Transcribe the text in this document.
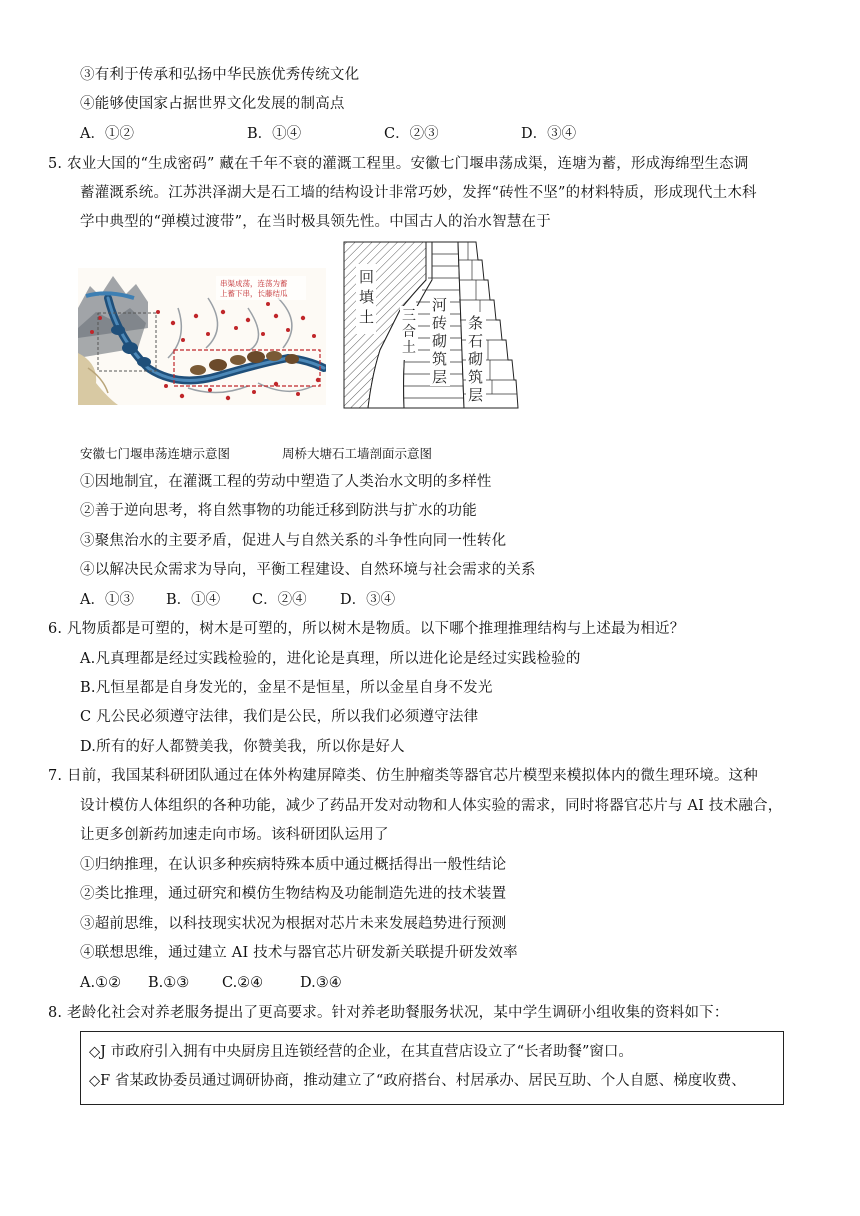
③有利于传承和弘扬中华民族优秀传统文化
④能够使国家占据世界文化发展的制高点
A．①②	B．①④	C．②③	D．③④
5. 农业大国的“生成密码” 藏在千年不衰的灌溉工程里。安徽七门堰串荡成渠，连塘为蓄，形成海绵型生态调
蓄灌溉系统。江苏洪泽湖大是石工墙的结构设计非常巧妙，发挥“砖性不坚”的材料特质，形成现代土木科
学中典型的“弹模过渡带”，在当时极具领先性。中国古人的治水智慧在于
串渠成荡，连荡为蓄
上蓄下串，长藤结瓜
回
填
土 三
合
土
河
砖
砌
筑
层
条
石
砌
筑
层
安徽七门堰串荡连塘示意图	周桥大塘石工墙剖面示意图
①因地制宜，在灌溉工程的劳动中塑造了人类治水文明的多样性
②善于逆向思考，将自然事物的功能迁移到防洪与扩水的功能
③聚焦治水的主要矛盾，促进人与自然关系的斗争性向同一性转化
④以解决民众需求为导向，平衡工程建设、自然环境与社会需求的关系
A．①③ B．①④ C．②④ D．③④
6. 凡物质都是可塑的，树木是可塑的，所以树木是物质。以下哪个推理推理结构与上述最为相近？
A.凡真理都是经过实践检验的，进化论是真理，所以进化论是经过实践检验的
B.凡恒星都是自身发光的，金星不是恒星，所以金星自身不发光
C 凡公民必须遵守法律，我们是公民，所以我们必须遵守法律
D.所有的好人都赞美我，你赞美我，所以你是好人
7. 日前，我国某科研团队通过在体外构建屏障类、仿生肿瘤类等器官芯片模型来模拟体内的微生理环境。这种
设计模仿人体组织的各种功能，减少了药品开发对动物和人体实验的需求，同时将器官芯片与 AI 技术融合，
让更多创新药加速走向市场。该科研团队运用了
①归纳推理，在认识多种疾病特殊本质中通过概括得出一般性结论
②类比推理，通过研究和模仿生物结构及功能制造先进的技术装置
③超前思维，以科技现实状况为根据对芯片未来发展趋势进行预测
④联想思维，通过建立 AI 技术与器官芯片研发新关联提升研发效率
A.①② B.①③ C.②④	D.③④
8. 老龄化社会对养老服务提出了更高要求。针对养老助餐服务状况，某中学生调研小组收集的资料如下：
◇J 市政府引入拥有中央厨房且连锁经营的企业，在其直营店设立了“长者助餐”窗口。
◇F 省某政协委员通过调研协商，推动建立了“政府搭台、村居承办、居民互助、个人自愿、梯度收费、
